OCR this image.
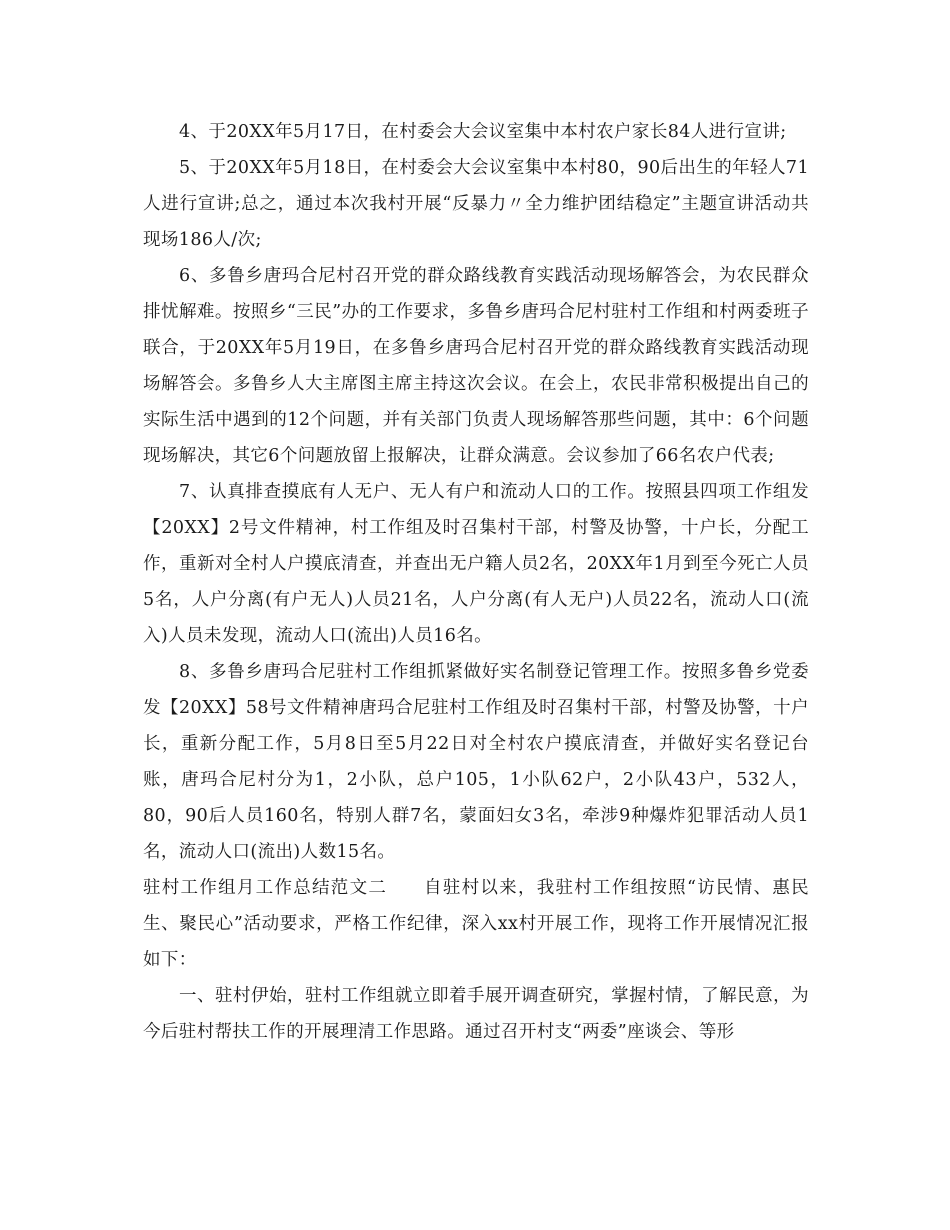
4、于20XX年5月17日，在村委会大会议室集中本村农户家长84人进行宣讲;

5、于20XX年5月18日，在村委会大会议室集中本村80，90后出生的年轻人71人进行宣讲;总之，通过本次我村开展“反暴力〃全力维护团结稳定”主题宣讲活动共现场186人/次;

6、多鲁乡唐玛合尼村召开党的群众路线教育实践活动现场解答会，为农民群众排忧解难。按照乡“三民”办的工作要求，多鲁乡唐玛合尼村驻村工作组和村两委班子联合，于20XX年5月19日，在多鲁乡唐玛合尼村召开党的群众路线教育实践活动现场解答会。多鲁乡人大主席图主席主持这次会议。在会上，农民非常积极提出自己的实际生活中遇到的12个问题，并有关部门负责人现场解答那些问题，其中：6个问题现场解决，其它6个问题放留上报解决，让群众满意。会议参加了66名农户代表;

7、认真排查摸底有人无户、无人有户和流动人口的工作。按照县四项工作组发【20XX】2号文件精神，村工作组及时召集村干部，村警及协警，十户长，分配工作，重新对全村人户摸底清查，并查出无户籍人员2名，20XX年1月到至今死亡人员5名，人户分离(有户无人)人员21名，人户分离(有人无户)人员22名，流动人口(流入)人员未发现，流动人口(流出)人员16名。

8、多鲁乡唐玛合尼驻村工作组抓紧做好实名制登记管理工作。按照多鲁乡党委发【20XX】58号文件精神唐玛合尼驻村工作组及时召集村干部，村警及协警，十户长，重新分配工作，5月8日至5月22日对全村农户摸底清查，并做好实名登记台账，唐玛合尼村分为1，2小队，总户105，1小队62户，2小队43户，532人，80，90后人员160名，特别人群7名，蒙面妇女3名，牵涉9种爆炸犯罪活动人员1名，流动人口(流出)人数15名。

驻村工作组月工作总结范文二 自驻村以来，我驻村工作组按照“访民情、惠民生、聚民心”活动要求，严格工作纪律，深入xx村开展工作，现将工作开展情况汇报如下：

一、驻村伊始，驻村工作组就立即着手展开调查研究，掌握村情，了解民意，为今后驻村帮扶工作的开展理清工作思路。通过召开村支“两委”座谈会、等形
